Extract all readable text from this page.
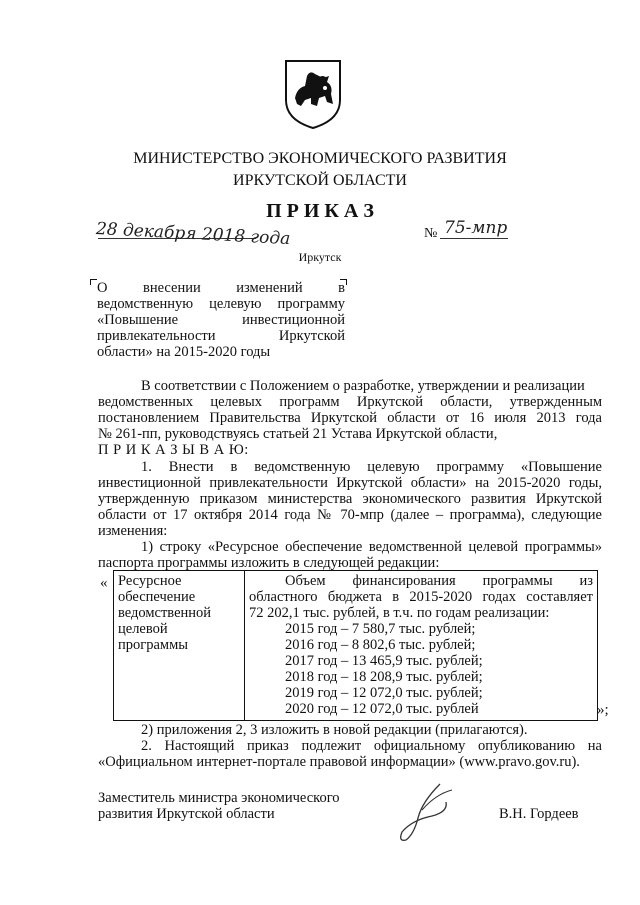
МИНИСТЕРСТВО ЭКОНОМИЧЕСКОГО РАЗВИТИЯ
ИРКУТСКОЙ ОБЛАСТИ
П Р И К А З
28 декабря 2018 года	№ 75-мпр
Иркутск
О внесении изменений в
ведомственную целевую программу
«Повышение инвестиционной
привлекательности Иркутской
области» на 2015-2020 годы
В соответствии с Положением о разработке, утверждении и реализации
ведомственных целевых программ Иркутской области, утвержденным
постановлением Правительства Иркутской области от 16 июля 2013 года
№ 261-пп, руководствуясь статьей 21 Устава Иркутской области,
П Р И К А З Ы В А Ю:
1. Внести в ведомственную целевую программу «Повышение
инвестиционной привлекательности Иркутской области» на 2015-2020 годы,
утвержденную приказом министерства экономического развития Иркутской
области от 17 октября 2014 года № 70-мпр (далее – программа), следующие
изменения:
1) строку «Ресурсное обеспечение ведомственной целевой программы»
паспорта программы изложить в следующей редакции:
« Ресурсное
обеспечение
ведомственной
целевой
программы

Объем финансирования программы из
областного бюджета в 2015-2020 годах составляет
72 202,1 тыс. рублей, в т.ч. по годам реализации:
2015 год – 7 580,7 тыс. рублей;
2016 год – 8 802,6 тыс. рублей;
2017 год – 13 465,9 тыс. рублей;
2018 год – 18 208,9 тыс. рублей;
2019 год – 12 072,0 тыс. рублей;
2020 год – 12 072,0 тыс. рублей	»;
2) приложения 2, 3 изложить в новой редакции (прилагаются).
2. Настоящий приказ подлежит официальному опубликованию на
«Официальном интернет-портале правовой информации» (www.pravo.gov.ru).
Заместитель министра экономического
развития Иркутской области	В.Н. Гордеев
